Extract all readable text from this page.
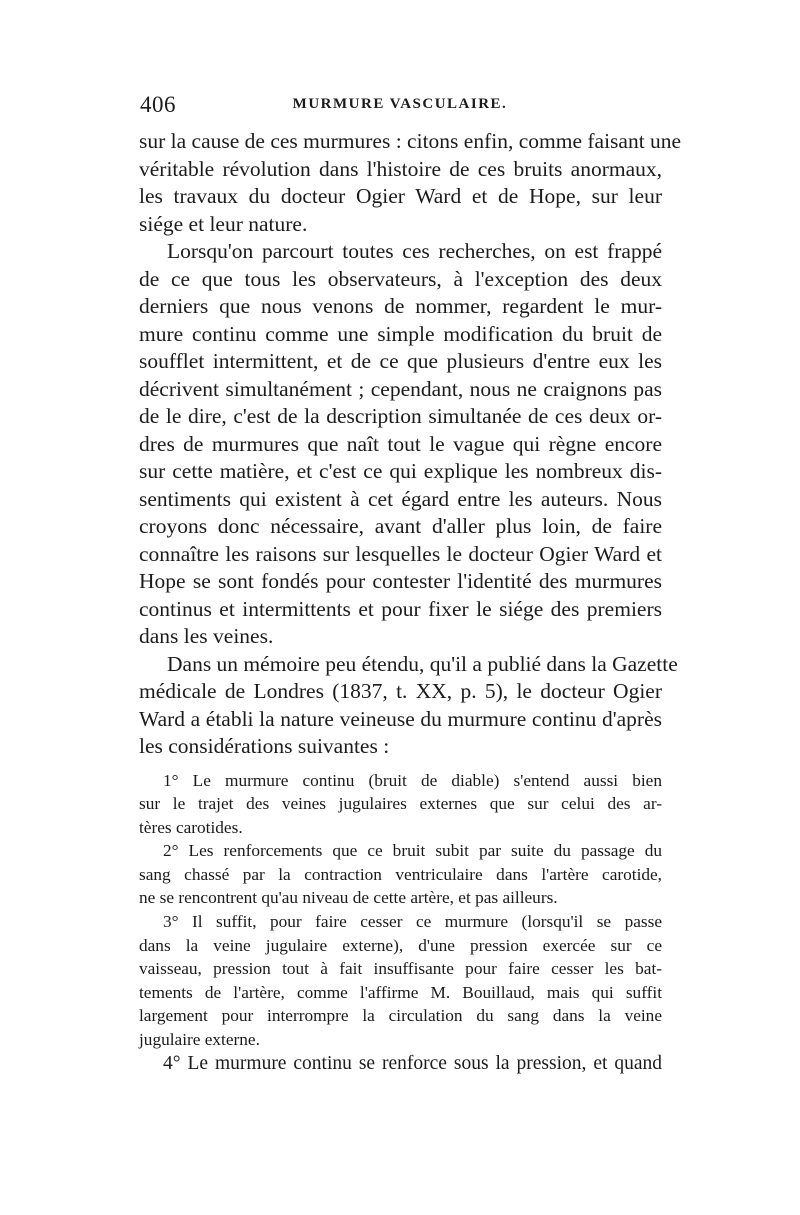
406	MURMURE VASCULAIRE.
sur la cause de ces murmures : citons enfin, comme faisant une
véritable révolution dans l'histoire de ces bruits anormaux,
les travaux du docteur Ogier Ward et de Hope, sur leur
siége et leur nature.
Lorsqu'on parcourt toutes ces recherches, on est frappé
de ce que tous les observateurs, à l'exception des deux
derniers que nous venons de nommer, regardent le mur-
mure continu comme une simple modification du bruit de
soufflet intermittent, et de ce que plusieurs d'entre eux les
décrivent simultanément ; cependant, nous ne craignons pas
de le dire, c'est de la description simultanée de ces deux or-
dres de murmures que naît tout le vague qui règne encore
sur cette matière, et c'est ce qui explique les nombreux dis-
sentiments qui existent à cet égard entre les auteurs. Nous
croyons donc nécessaire, avant d'aller plus loin, de faire
connaître les raisons sur lesquelles le docteur Ogier Ward et
Hope se sont fondés pour contester l'identité des murmures
continus et intermittents et pour fixer le siége des premiers
dans les veines.
Dans un mémoire peu étendu, qu'il a publié dans la Gazette
médicale de Londres (1837, t. XX, p. 5), le docteur Ogier
Ward a établi la nature veineuse du murmure continu d'après
les considérations suivantes :
1° Le murmure continu (bruit de diable) s'entend aussi bien
sur le trajet des veines jugulaires externes que sur celui des ar-
tères carotides.
2° Les renforcements que ce bruit subit par suite du passage du
sang chassé par la contraction ventriculaire dans l'artère carotide,
ne se rencontrent qu'au niveau de cette artère, et pas ailleurs.
3° Il suffit, pour faire cesser ce murmure (lorsqu'il se passe
dans la veine jugulaire externe), d'une pression exercée sur ce
vaisseau, pression tout à fait insuffisante pour faire cesser les bat-
tements de l'artère, comme l'affirme M. Bouillaud, mais qui suffit
largement pour interrompre la circulation du sang dans la veine
jugulaire externe.
4° Le murmure continu se renforce sous la pression, et quand
